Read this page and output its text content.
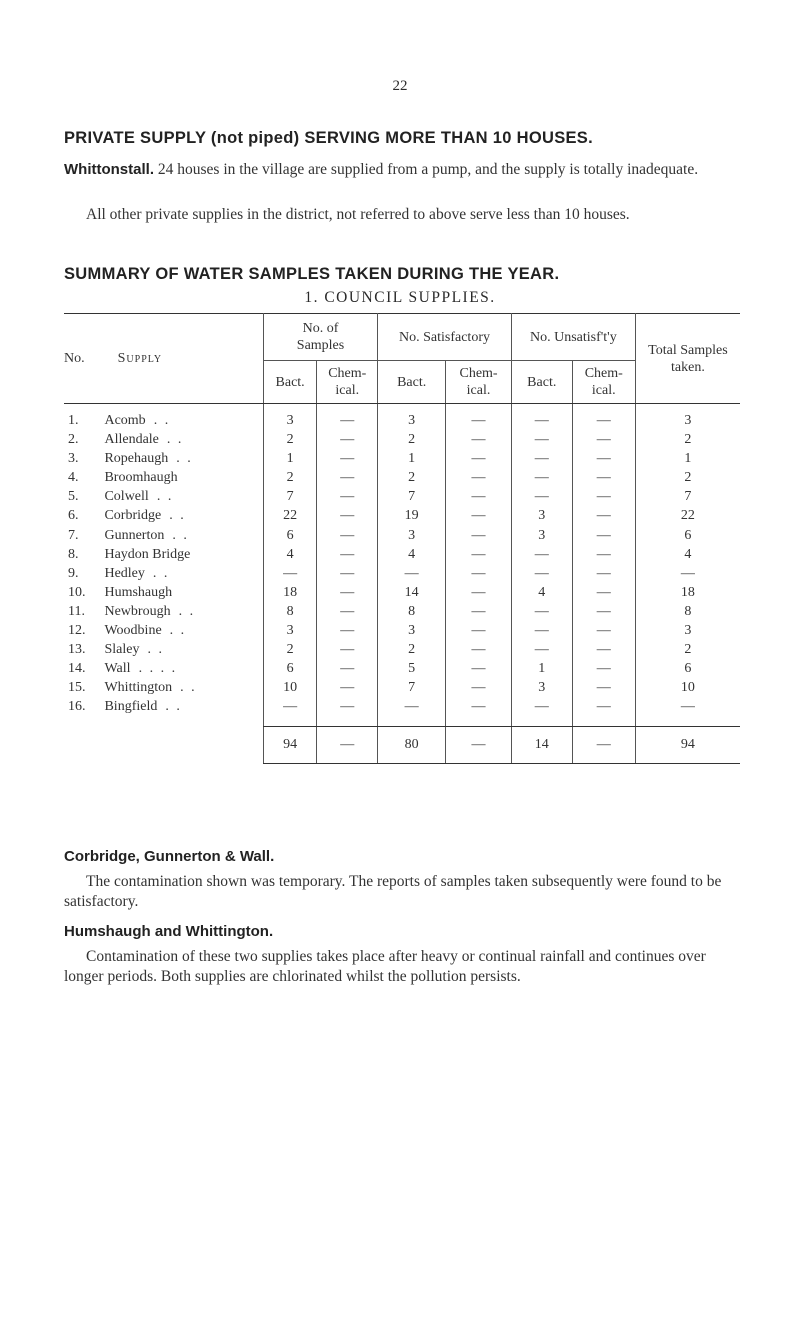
22
PRIVATE SUPPLY (not piped) SERVING MORE THAN 10 HOUSES.
Whittonstall. 24 houses in the village are supplied from a pump, and the supply is totally inadequate.
All other private supplies in the district, not referred to above serve less than 10 houses.
SUMMARY OF WATER SAMPLES TAKEN DURING THE YEAR.
1. COUNCIL SUPPLIES.
No. Supply		No. of Samples		No. Satisfactory		No. Unsatisf't'y		Total Samples taken.
		Bact.	Chem- ical.	Bact.	Chem- ical.	Bact.	Chem- ical.	

1.	Acomb . .	3	—	3	—	—	—	3
2.	Allendale . .	2	—	2	—	—	—	2
3.	Ropehaugh . .	1	—	1	—	—	—	1
4.	Broomhaugh	2	—	2	—	—	—	2
5.	Colwell . .	7	—	7	—	—	—	7
6.	Corbridge . .	22	—	19	—	3	—	22
7.	Gunnerton . .	6	—	3	—	3	—	6
8.	Haydon Bridge	4	—	4	—	—	—	4
9.	Hedley . .	—	—	—	—	—	—	—
10.	Humshaugh	18	—	14	—	4	—	18
11.	Newbrough . .	8	—	8	—	—	—	8
12.	Woodbine . .	3	—	3	—	—	—	3
13.	Slaley . .	2	—	2	—	—	—	2
14.	Wall . . . .	6	—	5	—	1	—	6
15.	Whittington . .	10	—	7	—	3	—	10
16.	Bingfield . .	—	—	—	—	—	—	—

		94	—	80	—	14	—	94
Corbridge, Gunnerton & Wall.
The contamination shown was temporary. The reports of samples taken subsequently were found to be satisfactory.
Humshaugh and Whittington.
Contamination of these two supplies takes place after heavy or continual rainfall and continues over longer periods. Both supplies are chlorinated whilst the pollution persists.
